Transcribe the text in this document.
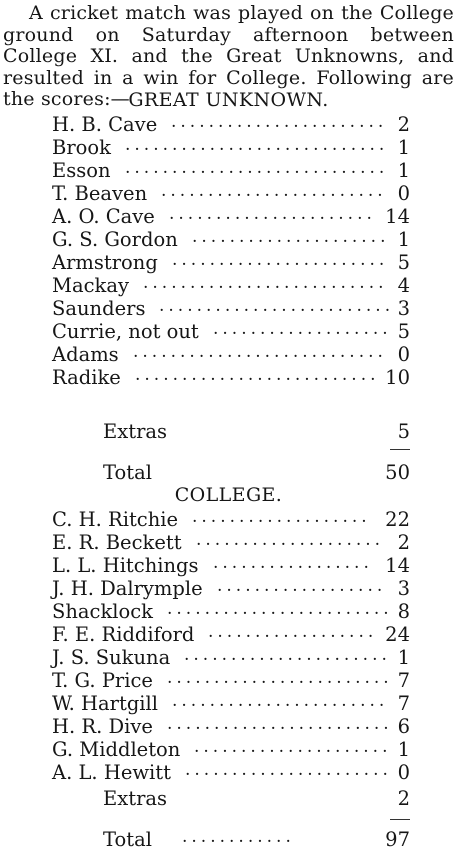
A cricket match was played on the College ground on Saturday afternoon between College XI. and the Great Unknowns, and resulted in a win for College. Following are the scores:—
GREAT UNKNOWN.
H. B. Cave	2
.......................
Brook	1
............................
Esson	1
............................
T. Beaven	0
........................
A. O. Cave	14
......................
G. S. Gordon	1
.....................
Armstrong	5
.......................
Mackay	4
..........................
Saunders	3
.........................
Currie, not out	5
...................
Adams	0
...........................
Radike	10
..........................
Extras	5
Total	50
COLLEGE.
C. H. Ritchie	22
...................
E. R. Beckett	2
....................
L. L. Hitchings	14
.................
J. H. Dalrymple	3
..................
Shacklock	8
........................
F. E. Riddiford	24
..................
J. S. Sukuna	1
......................
T. G. Price	7
........................
W. Hartgill	7
.......................
H. R. Dive	6
........................
G. Middleton	1
.....................
A. L. Hewitt	0
......................
Extras	2
Total	97
............
